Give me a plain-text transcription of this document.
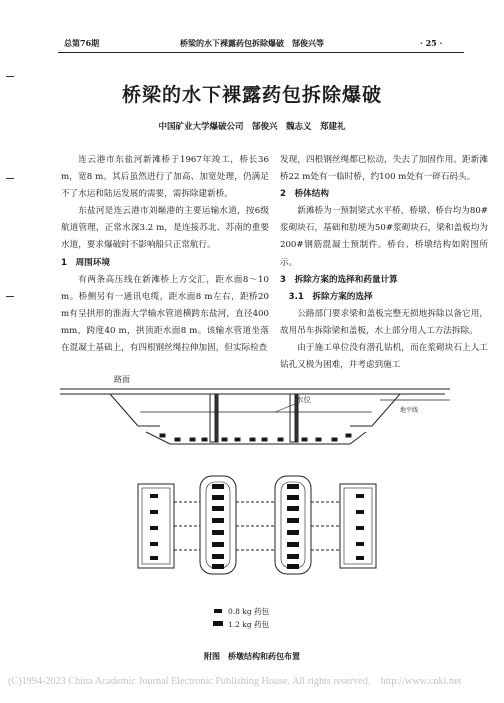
总第76期	桥梁的水下裸露药包拆除爆破　郜俊兴等	· 25 ·
桥梁的水下裸露药包拆除爆破
中国矿业大学爆破公司　郜俊兴　魏志义　郑建礼

连云港市东盐河新滩桥于1967年竣工，桥长36 m，宽8 m。其后虽然进行了加高、加宽处理，仍满足不了水运和陆运发展的需要，需拆除建新桥。

东盐河是连云港市刘巅港的主要运输水道，按6级航道管理，正常水深3.2 m，是连接苏北、苏南的重要水道，要求爆破时不影响船只正常航行。

1　周围环境

有两条高压线在新滩桥上方交汇，距水面8～10 m。桥侧另有一通讯电缆，距水面8 m左右，距桥20 m有呈拱形的淮海大学输水管道横跨东盐河，直径400 mm，跨度40 m，拱顶距水面8 m。该输水管道坐落在混凝土基础上，有四根钢丝绳拉伸加固，但实际检查

发现，四根钢丝绳都已松动，失去了加固作用。距新滩桥22 m处有一临时桥，约100 m处有一碎石码头。

2　桥体结构

新滩桥为一预制梁式水平桥，桥墩、桥台均为80#浆砌块石，基础和肋埂为50#浆砌块石，梁和盖板均为200#钢筋混凝土预制件。桥台、桥墩结构如附图所示。

3　拆除方案的选择和药量计算

3.1　拆除方案的选择

公路部门要求梁和盖板完整无损地拆除以备它用，故用吊车拆除梁和盖板，水上部分用人工方法拆除。

由于施工单位没有潜孔钻机，而在浆砌块石上人工钻孔又极为困难，并考虑到施工

路面
水位
地平线
0.8 kg 药包
1.2 kg 药包
附图　桥墩结构和药包布置
(C)1994-2023 China Academic Journal Electronic Publishing House. All rights reserved.　http://www.cnki.net
